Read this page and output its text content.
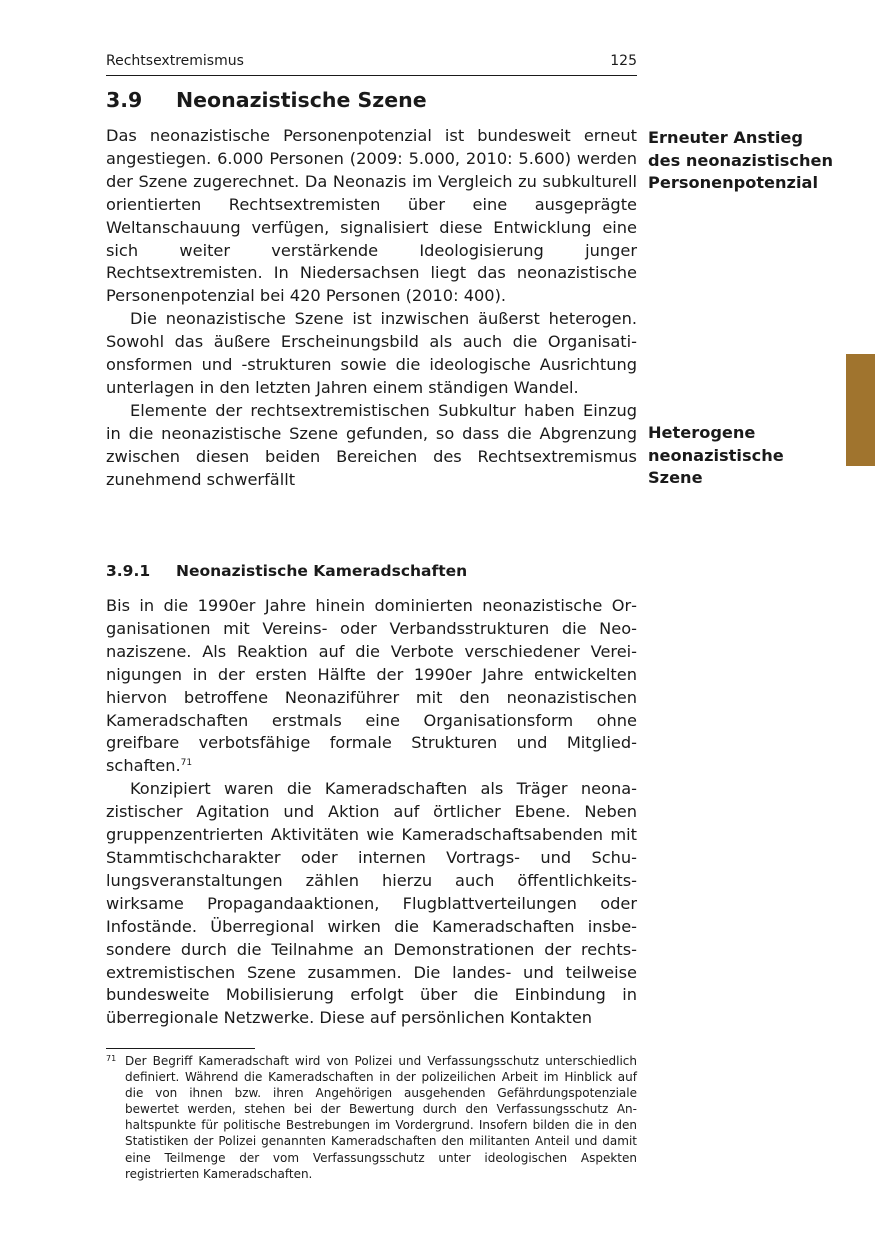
Rechtsextremismus	125
3.9 Neonazistische Szene

Das neonazistische Personenpotenzial ist bundesweit erneut angestiegen. 6.000 Personen (2009: 5.000, 2010: 5.600) werden der Szene zugerechnet. Da Neonazis im Vergleich zu subkulturell orientierten Rechtsextremisten über eine ausgeprägte Weltanschauung verfügen, signalisiert diese Entwicklung eine sich weiter verstärkende Ideologisierung junger Rechtsextremisten. In Niedersachsen liegt das neonazistische Personenpotenzial bei 420 Personen (2010: 400).

Die neonazistische Szene ist inzwischen äußerst heterogen. Sowohl das äußere Erscheinungsbild als auch die Organisationsformen und -strukturen sowie die ideologische Ausrichtung unterlagen in den letzten Jahren einem ständigen Wandel.

Elemente der rechtsextremistischen Subkultur haben Einzug in die neonazistische Szene gefunden, so dass die Abgrenzung zwischen diesen beiden Bereichen des Rechtsextremismus zunehmend schwerfällt

Erneuter Anstieg
des neonazistischen
Personenpotenzial
Heterogene
neonazistische
Szene
3.9.1 Neonazistische Kameradschaften

Bis in die 1990er Jahre hinein dominierten neonazistische Organisationen mit Vereins- oder Verbandsstrukturen die Neonaziszene. Als Reaktion auf die Verbote verschiedener Vereinigungen in der ersten Hälfte der 1990er Jahre entwickelten hiervon betroffene Neonaziführer mit den neonazistischen Kameradschaften erstmals eine Organisationsform ohne greifbare verbotsfähige formale Strukturen und Mitgliedschaften.$^{71}$

Konzipiert waren die Kameradschaften als Träger neonazistischer Agitation und Aktion auf örtlicher Ebene. Neben gruppenzentrierten Aktivitäten wie Kameradschaftsabenden mit Stammtischcharakter oder internen Vortrags- und Schulungsveranstaltungen zählen hierzu auch öffentlichkeitswirksame Propagandaaktionen, Flugblattverteilungen oder Infostände. Überregional wirken die Kameradschaften insbesondere durch die Teilnahme an Demonstrationen der rechtsextremistischen Szene zusammen. Die landes- und teilweise bundesweite Mobilisierung erfolgt über die Einbindung in überregionale Netzwerke. Diese auf persönlichen Kontakten

71 Der Begriff Kameradschaft wird von Polizei und Verfassungsschutz unterschiedlich definiert. Während die Kameradschaften in der polizeilichen Arbeit im Hinblick auf die von ihnen bzw. ihren Angehörigen ausgehenden Gefährdungspotenziale bewertet werden, stehen bei der Bewertung durch den Verfassungsschutz Anhaltspunkte für politische Bestrebungen im Vordergrund. Insofern bilden die in den Statistiken der Polizei genannten Kameradschaften den militanten Anteil und damit eine Teilmenge der vom Verfassungsschutz unter ideologischen Aspekten registrierten Kameradschaften.
